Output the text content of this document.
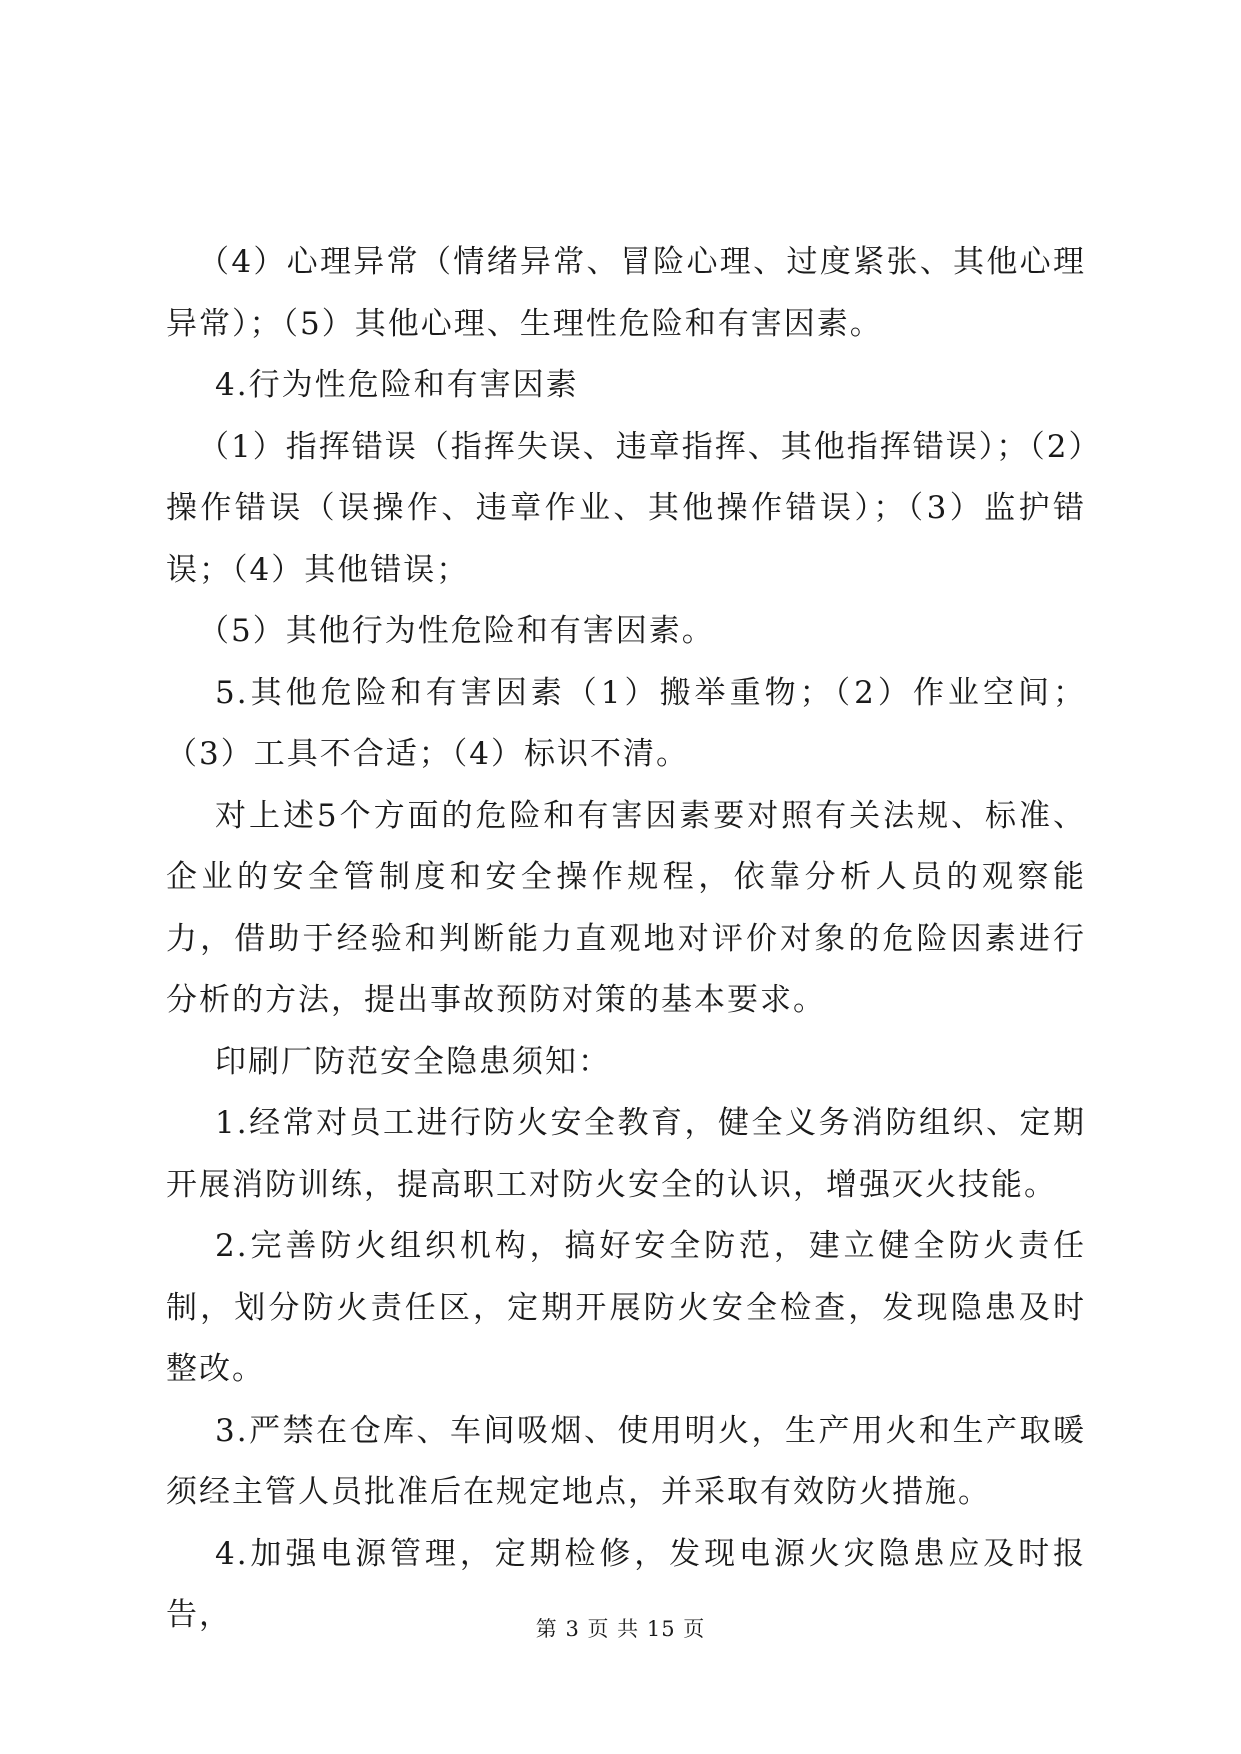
（4）心理异常（情绪异常、冒险心理、过度紧张、其他心理异常）；（5）其他心理、生理性危险和有害因素。

4.行为性危险和有害因素

（1）指挥错误（指挥失误、违章指挥、其他指挥错误）；（2）操作错误（误操作、违章作业、其他操作错误）；（3）监护错误；（4）其他错误；

（5）其他行为性危险和有害因素。

5.其他危险和有害因素（1）搬举重物；（2）作业空间；（3）工具不合适；（4）标识不清。

对上述5个方面的危险和有害因素要对照有关法规、标准、企业的安全管制度和安全操作规程，依靠分析人员的观察能力，借助于经验和判断能力直观地对评价对象的危险因素进行分析的方法，提出事故预防对策的基本要求。

印刷厂防范安全隐患须知：

1.经常对员工进行防火安全教育，健全义务消防组织、定期开展消防训练，提高职工对防火安全的认识，增强灭火技能。

2.完善防火组织机构，搞好安全防范，建立健全防火责任制，划分防火责任区，定期开展防火安全检查，发现隐患及时整改。

3.严禁在仓库、车间吸烟、使用明火，生产用火和生产取暖须经主管人员批准后在规定地点，并采取有效防火措施。

4.加强电源管理，定期检修，发现电源火灾隐患应及时报告，	第 3 页 共 15 页
